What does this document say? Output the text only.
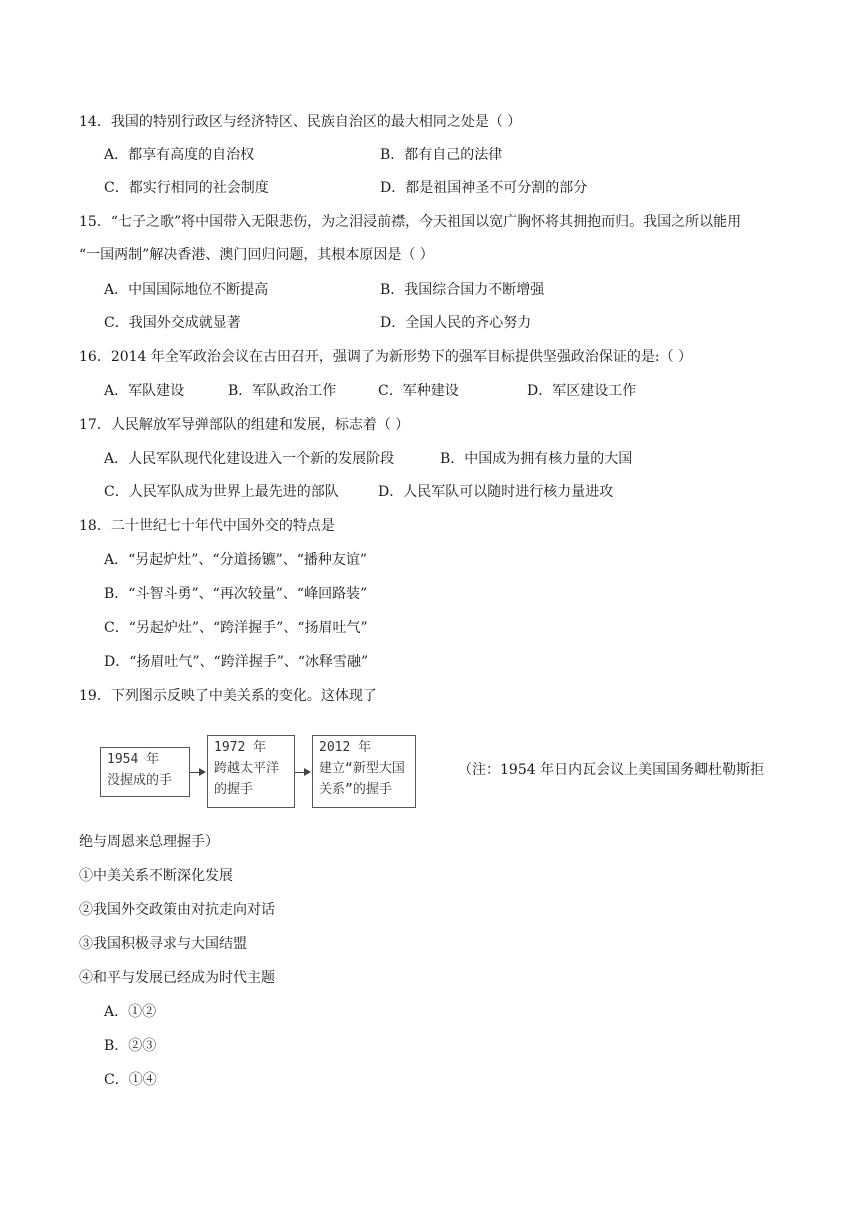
14．我国的特别行政区与经济特区、民族自治区的最大相同之处是（ ）
A．都享有高度的自治权	B．都有自己的法律
C．都实行相同的社会制度	D．都是祖国神圣不可分割的部分
15．“七子之歌”将中国带入无限悲伤，为之泪浸前襟，今天祖国以宽广胸怀将其拥抱而归。我国之所以能用
“一国两制”解决香港、澳门回归问题，其根本原因是（ ）
A．中国国际地位不断提高	B．我国综合国力不断增强
C．我国外交成就显著	D．全国人民的齐心努力
16．2014 年全军政治会议在古田召开，强调了为新形势下的强军目标提供坚强政治保证的是:（ ）
A．军队建设	B．军队政治工作	C．军种建设	D．军区建设工作
17．人民解放军导弹部队的组建和发展，标志着（ ）
A．人民军队现代化建设进入一个新的发展阶段	B．中国成为拥有核力量的大国
C．人民军队成为世界上最先进的部队	D．人民军队可以随时进行核力量进攻
18．二十世纪七十年代中国外交的特点是
A．“另起炉灶”、“分道扬镳”、“播种友谊”
B．“斗智斗勇”、“再次较量”、“峰回路装”
C．“另起炉灶”、“跨洋握手”、“扬眉吐气”
D．“扬眉吐气”、“跨洋握手”、“冰释雪融”
19．下列图示反映了中美关系的变化。这体现了
1954 年
没握成的手
1972 年
跨越太平洋
的握手
2012 年
建立“新型大国
关系”的握手
（注：1954 年日内瓦会议上美国国务卿杜勒斯拒
绝与周恩来总理握手）
①中美关系不断深化发展
②我国外交政策由对抗走向对话
③我国积极寻求与大国结盟
④和平与发展已经成为时代主题
A．①②
B．②③
C．①④
